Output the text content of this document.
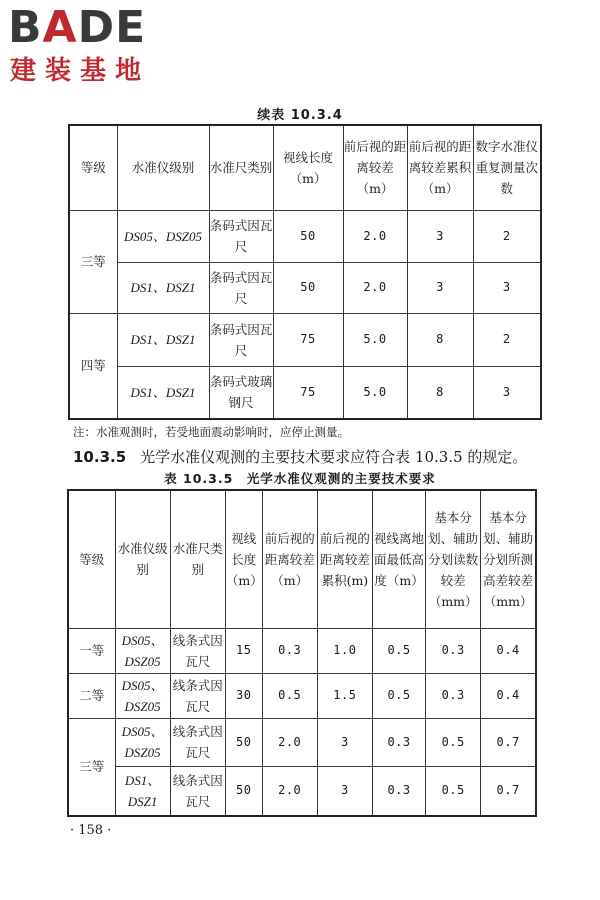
BADE
建装基地
续表 10.3.4
等级	水准仪级别	水准尺类别	视线长度（m）	前后视的距离较差（m）	前后视的距离较差累积（m）	数字水准仪重复测量次数
三等	DS05、DSZ05	条码式因瓦尺	50	2.0	3	2
	DS1、DSZ1	条码式因瓦尺	50	2.0	3	3
四等	DS1、DSZ1	条码式因瓦尺	75	5.0	8	2
	DS1、DSZ1	条码式玻璃钢尺	75	5.0	8	3
注：水准观测时，若受地面震动影响时，应停止测量。
10.3.5 光学水准仪观测的主要技术要求应符合表 10.3.5 的规定。
表 10.3.5　光学水准仪观测的主要技术要求
等级	水准仪级别	水准尺类别	视线长度（m）	前后视的距离较差（m）	前后视的距离较差累积(m)	视线离地面最低高度（m）	基本分划、辅助分划读数较差（mm）	基本分划、辅助分划所测高差较差（mm）
一等	DS05、DSZ05	线条式因瓦尺	15	0.3	1.0	0.5	0.3	0.4
二等	DS05、DSZ05	线条式因瓦尺	30	0.5	1.5	0.5	0.3	0.4
三等	DS05、DSZ05	线条式因瓦尺	50	2.0	3	0.3	0.5	0.7
	DS1、DSZ1	线条式因瓦尺	50	2.0	3	0.3	0.5	0.7
· 158 ·
